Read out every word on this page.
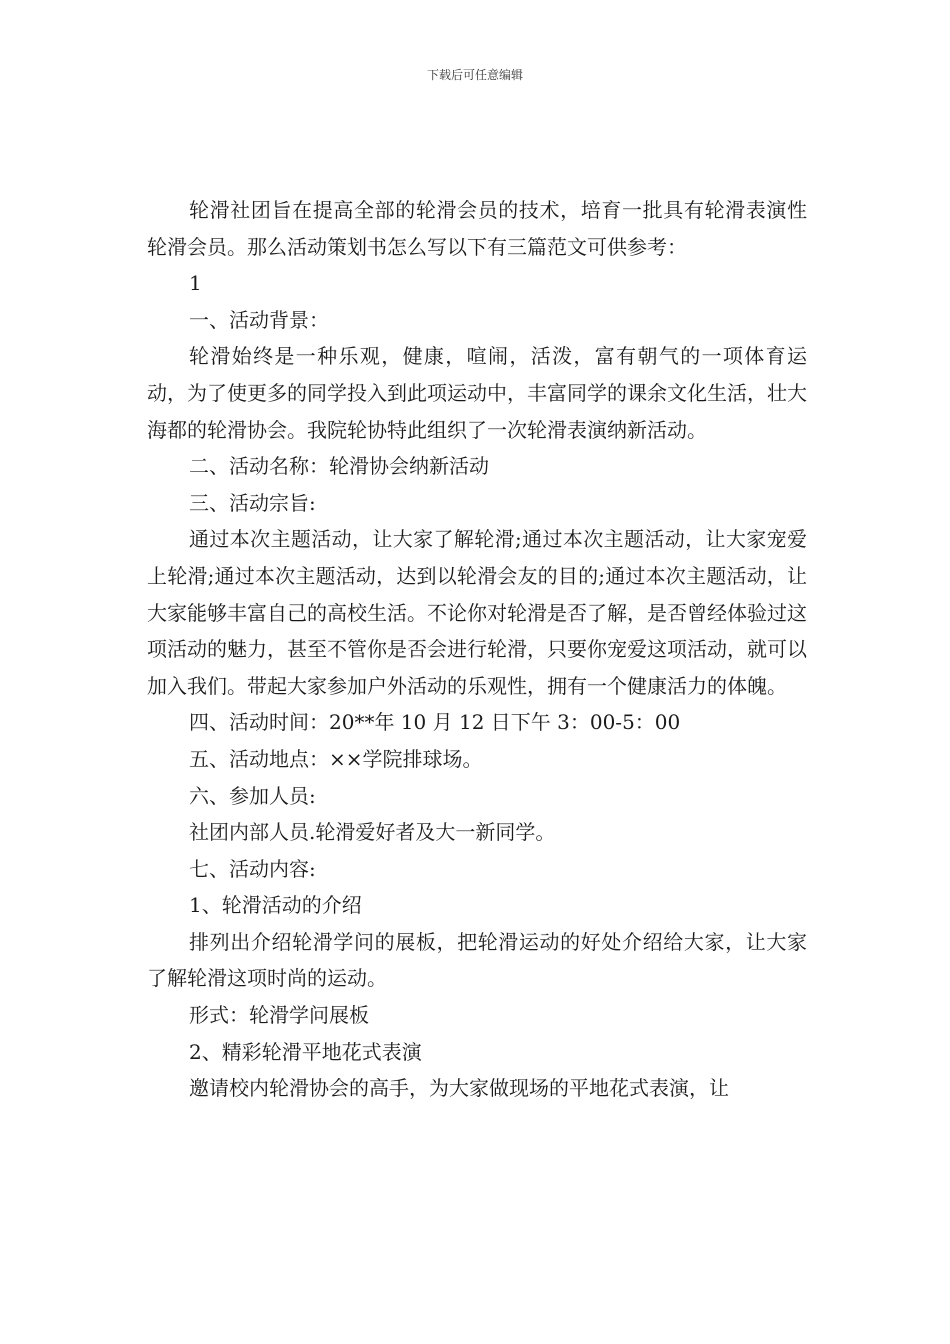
下载后可任意编辑

轮滑社团旨在提高全部的轮滑会员的技术，培育一批具有轮滑表演性轮滑会员。那么活动策划书怎么写以下有三篇范文可供参考：

1

一、活动背景：

轮滑始终是一种乐观，健康，喧闹，活泼，富有朝气的一项体育运动，为了使更多的同学投入到此项运动中，丰富同学的课余文化生活，壮大海都的轮滑协会。我院轮协特此组织了一次轮滑表演纳新活动。

二、活动名称：轮滑协会纳新活动

三、活动宗旨:

通过本次主题活动，让大家了解轮滑;通过本次主题活动，让大家宠爱上轮滑;通过本次主题活动，达到以轮滑会友的目的;通过本次主题活动，让大家能够丰富自己的高校生活。不论你对轮滑是否了解，是否曾经体验过这项活动的魅力，甚至不管你是否会进行轮滑，只要你宠爱这项活动，就可以加入我们。带起大家参加户外活动的乐观性，拥有一个健康活力的体魄。

四、活动时间：20**年 10 月 12 日下午 3：00-5：00

五、活动地点：××学院排球场。

六、参加人员:

社团内部人员.轮滑爱好者及大一新同学。

七、活动内容:

1、轮滑活动的介绍

排列出介绍轮滑学问的展板，把轮滑运动的好处介绍给大家，让大家了解轮滑这项时尚的运动。

形式：轮滑学问展板

2、精彩轮滑平地花式表演

邀请校内轮滑协会的高手，为大家做现场的平地花式表演，让
